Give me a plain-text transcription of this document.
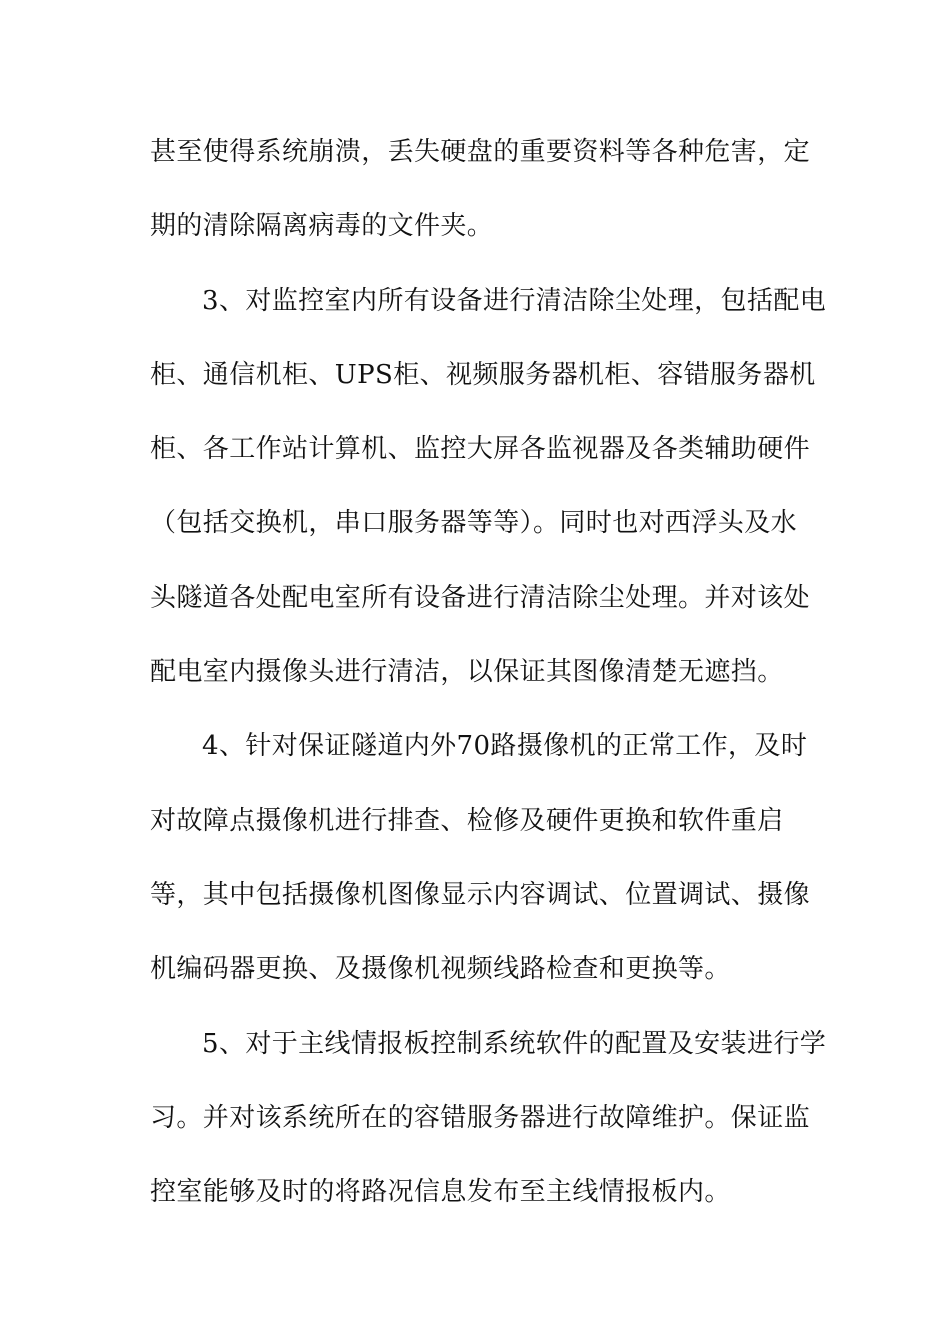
甚至使得系统崩溃，丢失硬盘的重要资料等各种危害，定
期的清除隔离病毒的文件夹。
3、对监控室内所有设备进行清洁除尘处理，包括配电
柜、通信机柜、UPS柜、视频服务器机柜、容错服务器机
柜、各工作站计算机、监控大屏各监视器及各类辅助硬件
（包括交换机，串口服务器等等）。同时也对西浮头及水
头隧道各处配电室所有设备进行清洁除尘处理。并对该处
配电室内摄像头进行清洁，以保证其图像清楚无遮挡。
4、针对保证隧道内外70路摄像机的正常工作，及时
对故障点摄像机进行排查、检修及硬件更换和软件重启
等，其中包括摄像机图像显示内容调试、位置调试、摄像
机编码器更换、及摄像机视频线路检查和更换等。
5、对于主线情报板控制系统软件的配置及安装进行学
习。并对该系统所在的容错服务器进行故障维护。保证监
控室能够及时的将路况信息发布至主线情报板内。
